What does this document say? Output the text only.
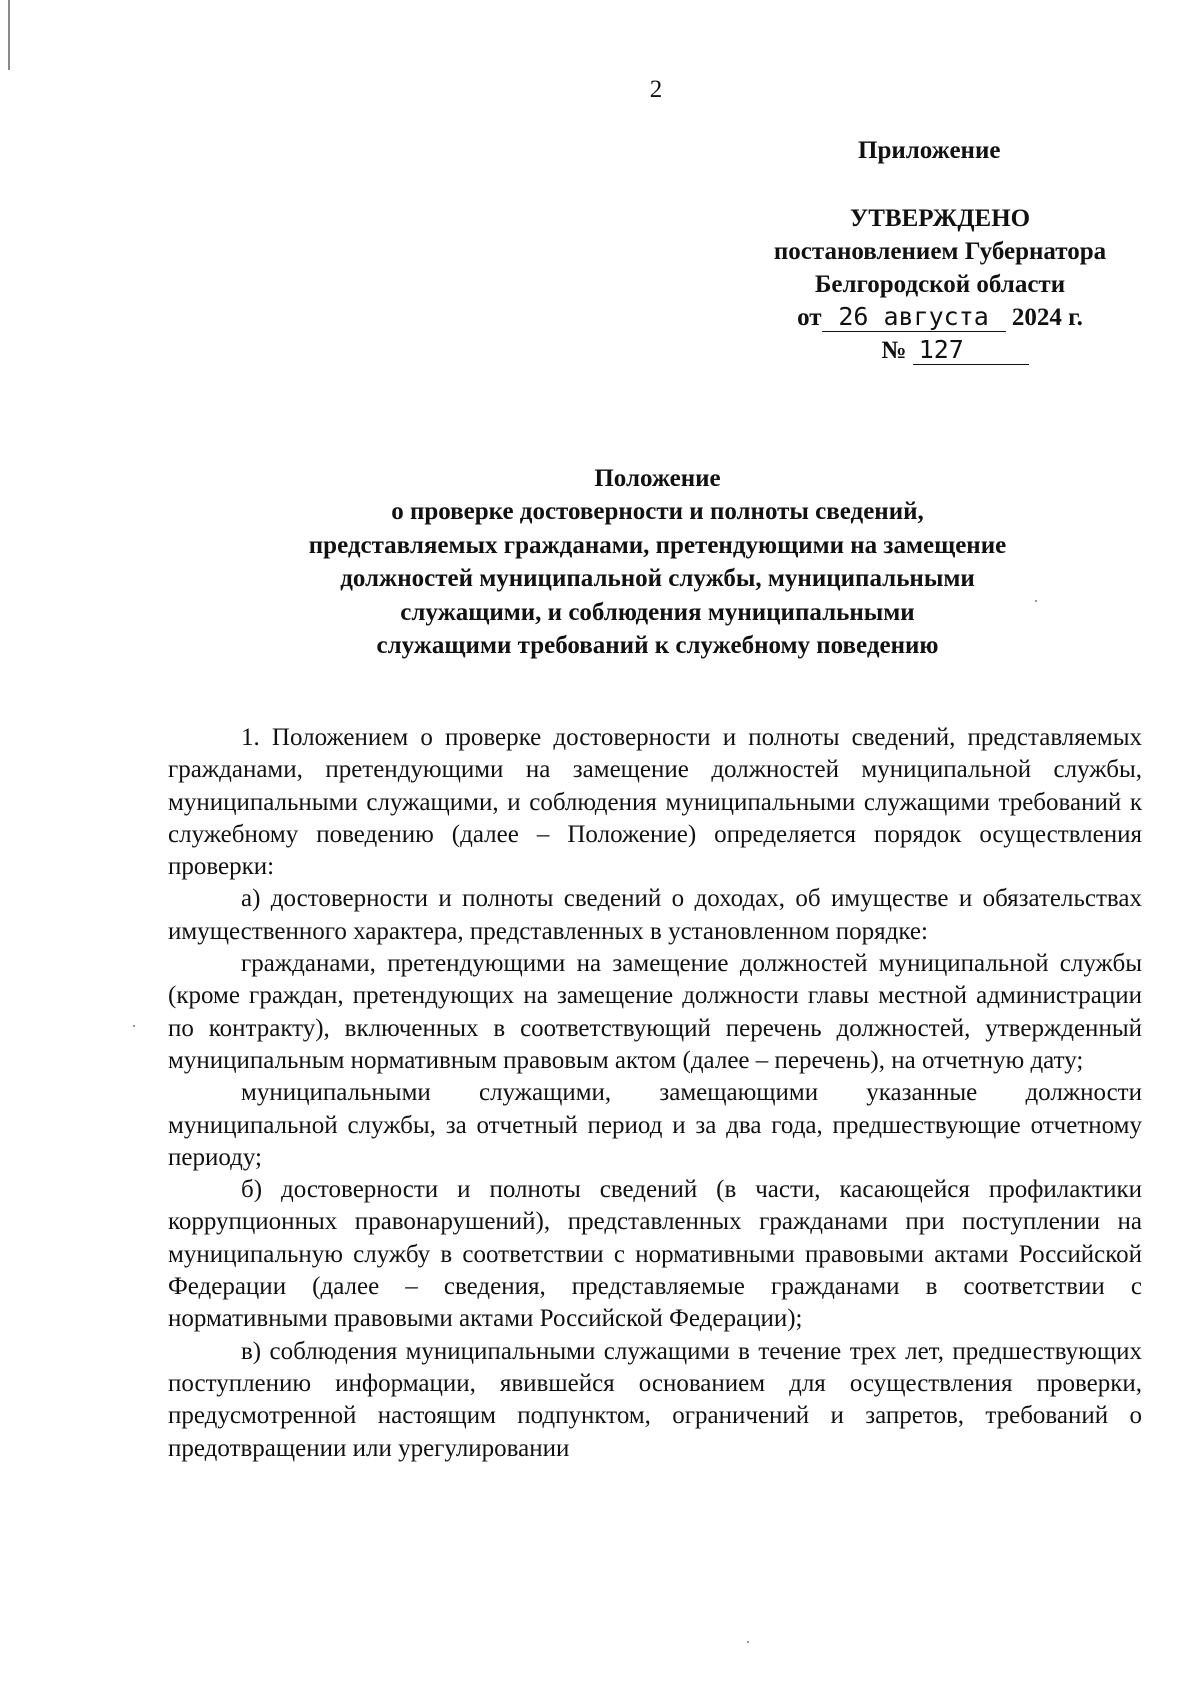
2
Приложение
УТВЕРЖДЕНО
постановлением Губернатора
Белгородской области
от 26 августа 2024 г.
№ 127
Положение
о проверке достоверности и полноты сведений,
представляемых гражданами, претендующими на замещение
должностей муниципальной службы, муниципальными
служащими, и соблюдения муниципальными
служащими требований к служебному поведению

1. Положением о проверке достоверности и полноты сведений, представляемых гражданами, претендующими на замещение должностей муниципальной службы, муниципальными служащими, и соблюдения муниципальными служащими требований к служебному поведению (далее – Положение) определяется порядок осуществления проверки:

а) достоверности и полноты сведений о доходах, об имуществе и обязательствах имущественного характера, представленных в установленном порядке:

гражданами, претендующими на замещение должностей муниципальной службы (кроме граждан, претендующих на замещение должности главы местной администрации по контракту), включенных в соответствующий перечень должностей, утвержденный муниципальным нормативным правовым актом (далее – перечень), на отчетную дату;

муниципальными служащими, замещающими указанные должности муниципальной службы, за отчетный период и за два года, предшествующие отчетному периоду;

б) достоверности и полноты сведений (в части, касающейся профилактики коррупционных правонарушений), представленных гражданами при поступлении на муниципальную службу в соответствии с нормативными правовыми актами Российской Федерации (далее – сведения, представляемые гражданами в соответствии с нормативными правовыми актами Российской Федерации);

в) соблюдения муниципальными служащими в течение трех лет, предшествующих поступлению информации, явившейся основанием для осуществления проверки, предусмотренной настоящим подпунктом, ограничений и запретов, требований о предотвращении или урегулировании
